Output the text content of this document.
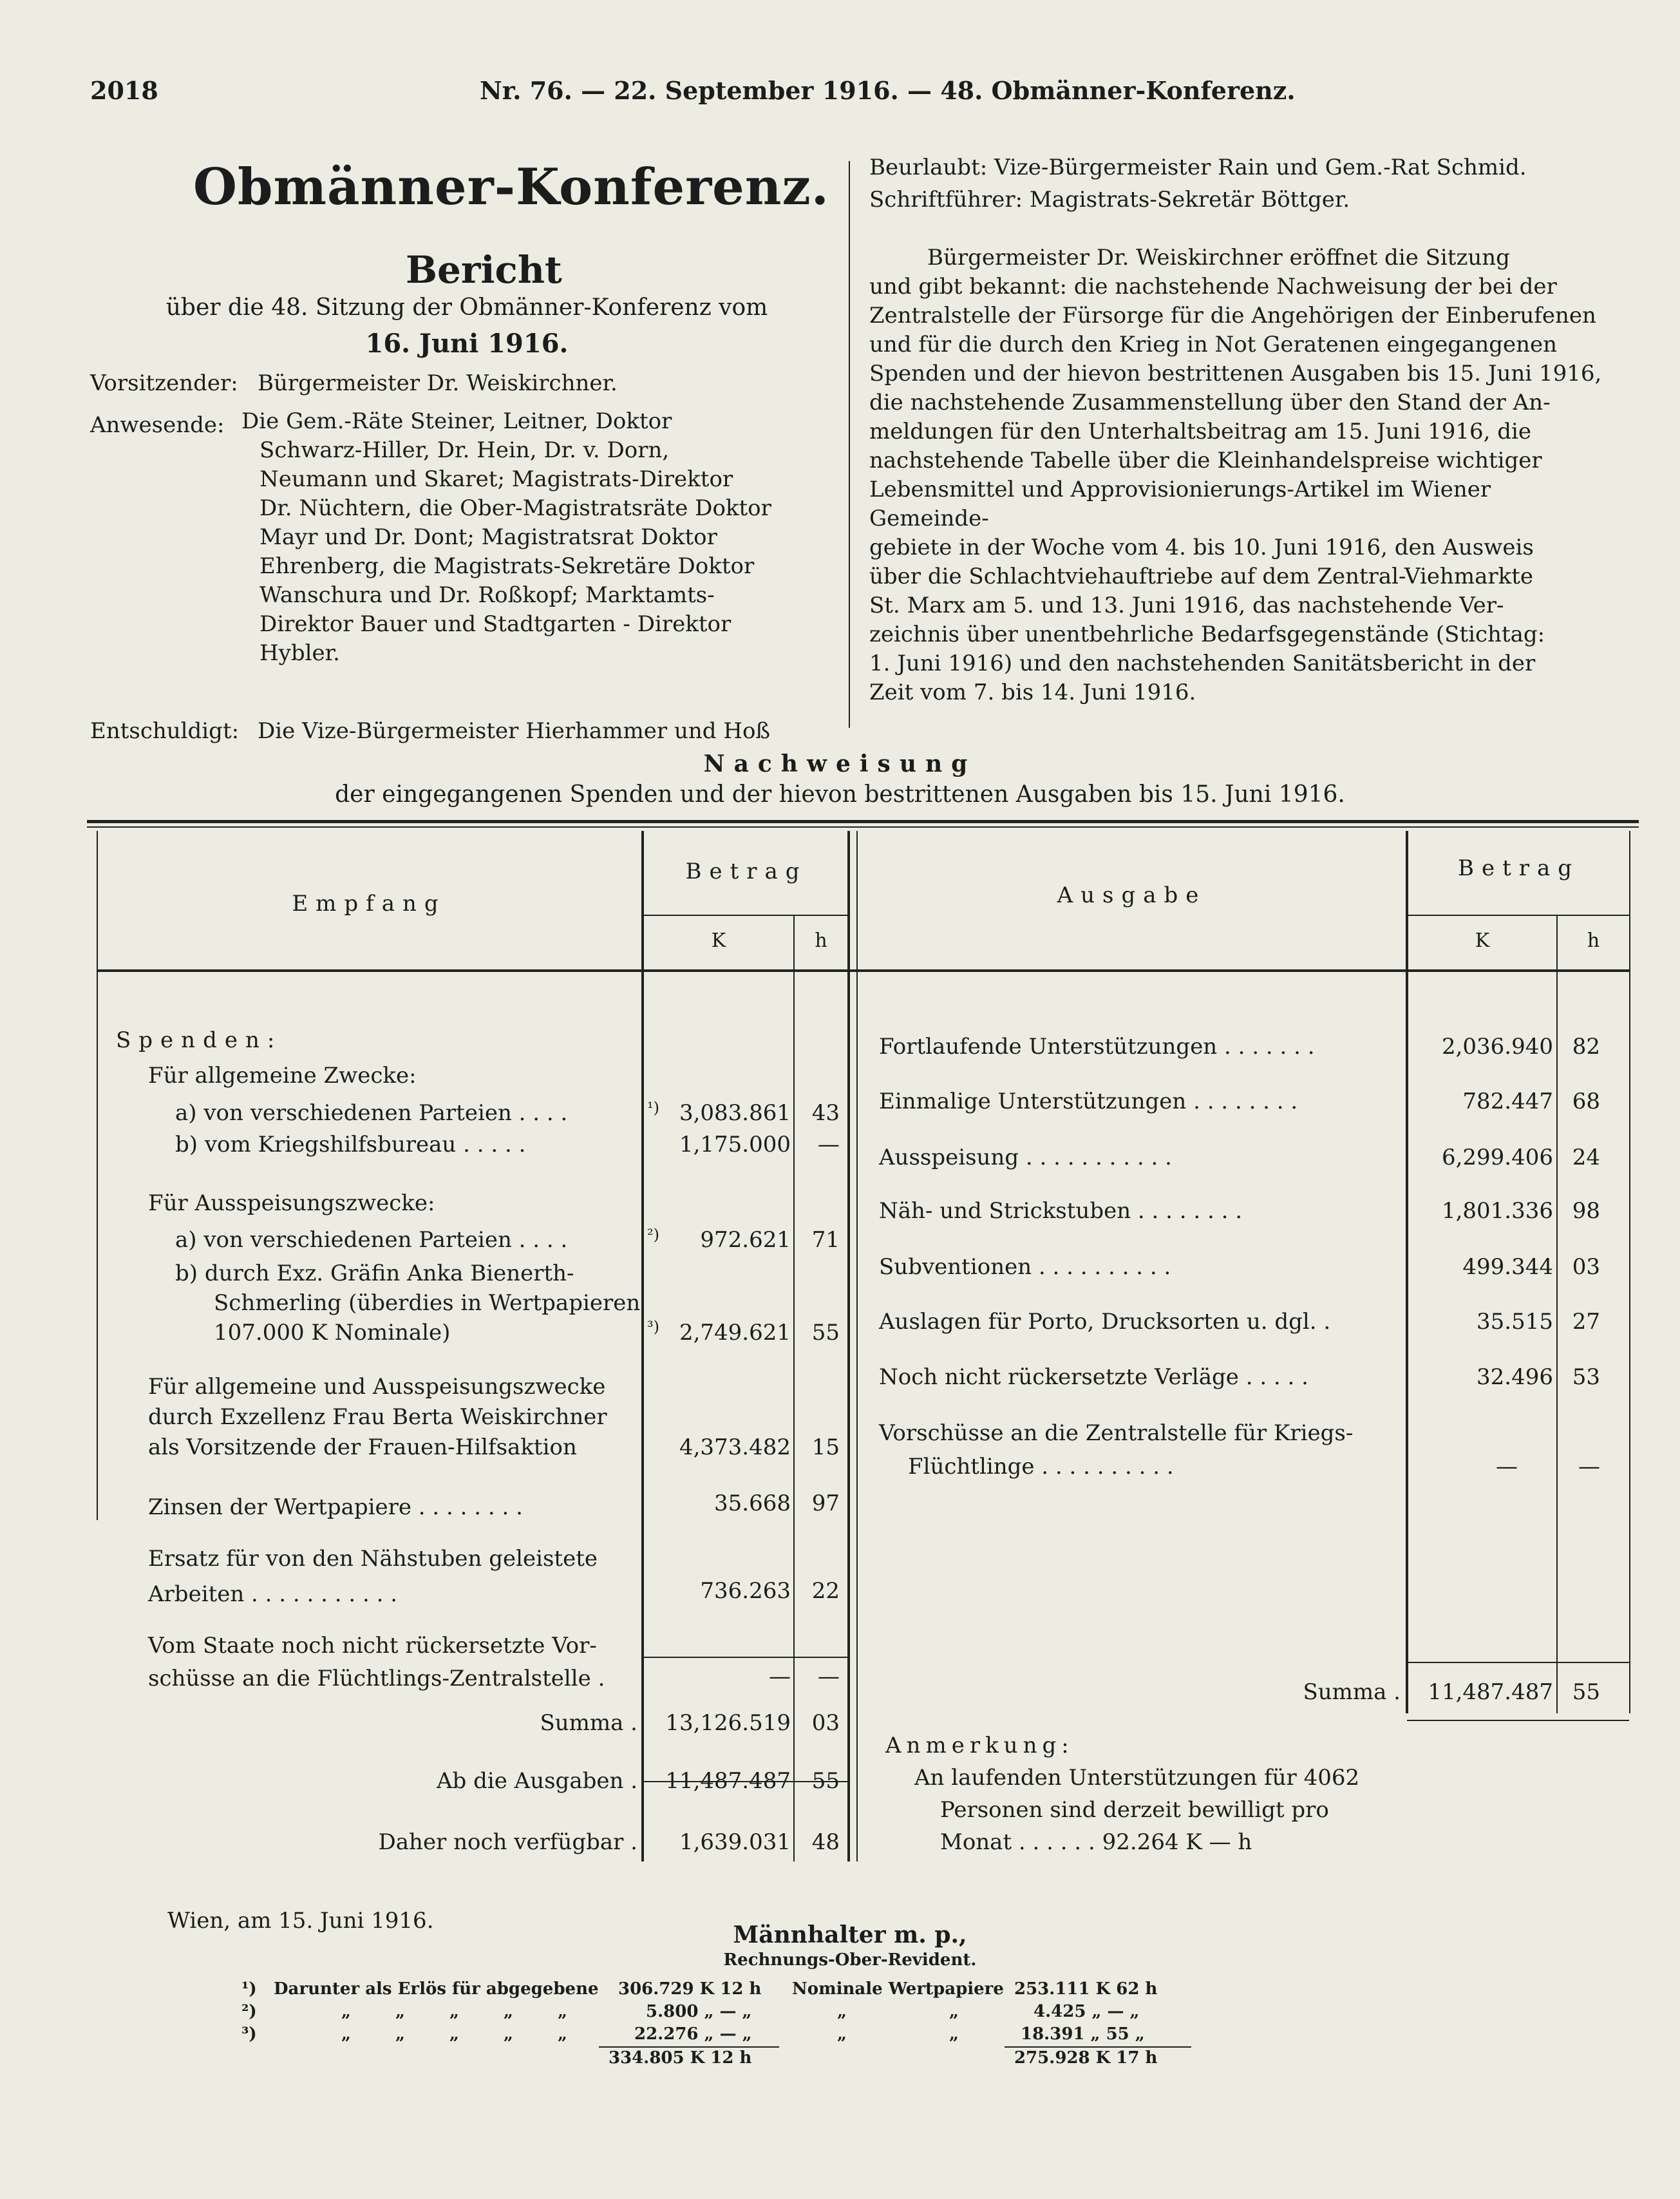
2018	Nr. 76. — 22. September 1916. — 48. Obmänner-Konferenz.
Obmänner-Konferenz.
Bericht
über die 48. Sitzung der Obmänner-Konferenz vom
16. Juni 1916.
Vorsitzender: Bürgermeister Dr. Weiskirchner.
Anwesende: Die Gem.-Räte Steiner, Leitner, Doktor
Schwarz-Hiller, Dr. Hein, Dr. v. Dorn,
Neumann und Skaret; Magistrats-Direktor
Dr. Nüchtern, die Ober-Magistratsräte Doktor
Mayr und Dr. Dont; Magistratsrat Doktor
Ehrenberg, die Magistrats-Sekretäre Doktor
Wanschura und Dr. Roßkopf; Marktamts-
Direktor Bauer und Stadtgarten - Direktor
Hybler.
Entschuldigt: Die Vize-Bürgermeister Hierhammer und Hoß
Beurlaubt: Vize-Bürgermeister Rain und Gem.-Rat Schmid.
Schriftführer: Magistrats-Sekretär Böttger.
Bürgermeister Dr. Weiskirchner eröffnet die Sitzung
und gibt bekannt: die nachstehende Nachweisung der bei der
Zentralstelle der Fürsorge für die Angehörigen der Einberufenen
und für die durch den Krieg in Not Geratenen eingegangenen
Spenden und der hievon bestrittenen Ausgaben bis 15. Juni 1916,
die nachstehende Zusammenstellung über den Stand der An-
meldungen für den Unterhaltsbeitrag am 15. Juni 1916, die
nachstehende Tabelle über die Kleinhandelspreise wichtiger
Lebensmittel und Approvisionierungs-Artikel im Wiener Gemeinde-
gebiete in der Woche vom 4. bis 10. Juni 1916, den Ausweis
über die Schlachtviehauftriebe auf dem Zentral-Viehmarkte
St. Marx am 5. und 13. Juni 1916, das nachstehende Ver-
zeichnis über unentbehrliche Bedarfsgegenstände (Stichtag:
1. Juni 1916) und den nachstehenden Sanitätsbericht in der
Zeit vom 7. bis 14. Juni 1916.
Nachweisung
der eingegangenen Spenden und der hievon bestrittenen Ausgaben bis 15. Juni 1916.
Empfang
Betrag
K	h
Ausgabe
Betrag
K	h
Spenden:
Für allgemeine Zwecke:
a) von verschiedenen Parteien . . . .	¹) 3,083.861 43
b) vom Kriegshilfsbureau . . . . .	1,175.000	—
Für Ausspeisungszwecke:
a) von verschiedenen Parteien . . . .	²)	972.621 71
b) durch Exz. Gräfin Anka Bienerth-
Schmerling (überdies in Wertpapieren
107.000 K Nominale)	³) 2,749.621 55
Für allgemeine und Ausspeisungszwecke
durch Exzellenz Frau Berta Weiskirchner
als Vorsitzende der Frauen-Hilfsaktion	4,373.482 15
Zinsen der Wertpapiere . . . . . . . .	35.668 97
Ersatz für von den Nähstuben geleistete
Arbeiten . . . . . . . . . . .	736.263 22
Vom Staate noch nicht rückersetzte Vor-
schüsse an die Flüchtlings-Zentralstelle .	—	—
Summa .	13,126.519 03
Ab die Ausgaben .	11,487.487 55
Daher noch verfügbar .	1,639.031 48
Fortlaufende Unterstützungen . . . . . . .	2,036.940 82
Einmalige Unterstützungen . . . . . . . .	782.447 68
Ausspeisung . . . . . . . . . . .	6,299.406 24
Näh- und Strickstuben . . . . . . . .	1,801.336 98
Subventionen . . . . . . . . . .	499.344 03
Auslagen für Porto, Drucksorten u. dgl. .	35.515 27
Noch nicht rückersetzte Verläge . . . . .	32.496 53
Vorschüsse an die Zentralstelle für Kriegs-
Flüchtlinge . . . . . . . . . .	—	—
Summa .	11,487.487 55
Anmerkung:
An laufenden Unterstützungen für 4062
Personen sind derzeit bewilligt pro
Monat . . . . . . 92.264 K — h
Wien, am 15. Juni 1916.
Männhalter m. p.,
Rechnungs-Ober-Revident.
¹) Darunter als Erlös für abgegebene 306.729 K 12 h Nominale Wertpapiere 253.111 K 62 h
²)	„ „ „ „ „	5.800 „ — „	„ „	4.425 „ — „
³)	„ „ „ „ „	22.276 „ — „	„ „	18.391 „ 55 „
334.805 K 12 h	275.928 K 17 h
